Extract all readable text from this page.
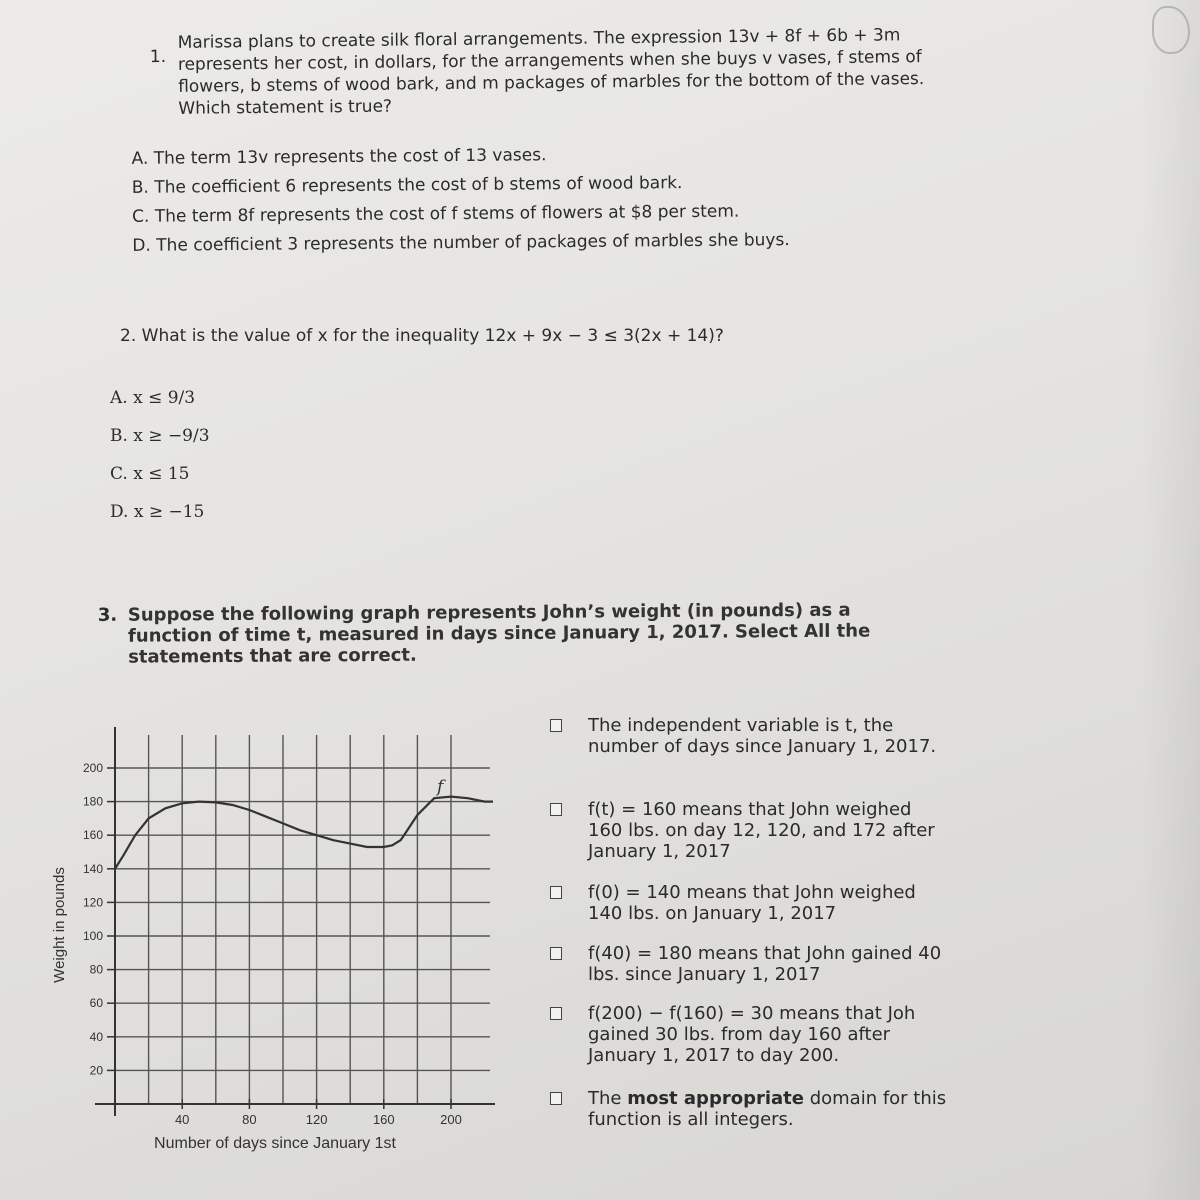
1.
Marissa plans to create silk floral arrangements. The expression 13v + 8f + 6b + 3m represents her cost, in dollars, for the arrangements when she buys v vases, f stems of flowers, b stems of wood bark, and m packages of marbles for the bottom of the vases. Which statement is true?
A. The term 13v represents the cost of 13 vases.
B. The coefficient 6 represents the cost of b stems of wood bark.
C. The term 8f represents the cost of f stems of flowers at $8 per stem.
D. The coefficient 3 represents the number of packages of marbles she buys.
2. What is the value of x for the inequality 12x + 9x − 3 ≤ 3(2x + 14)?
A. x ≤ 9/3
B. x ≥ −9/3
C. x ≤ 15
D. x ≥ −15
3. Suppose the following graph represents John’s weight (in pounds) as a function of time t, measured in days since January 1, 2017. Select All the statements that are correct.
40	80	120	160	200
20
40
60
80
100
120
140
160
180
200
f
Number of days since January 1st
Weight in pounds
The independent variable is t, the number of days since January 1, 2017.
f(t) = 160 means that John weighed 160 lbs. on day 12, 120, and 172 after January 1, 2017
f(0) = 140 means that John weighed 140 lbs. on January 1, 2017
f(40) = 180 means that John gained 40 lbs. since January 1, 2017
f(200) − f(160) = 30 means that Joh gained 30 lbs. from day 160 after January 1, 2017 to day 200.
The most appropriate domain for this function is all integers.
